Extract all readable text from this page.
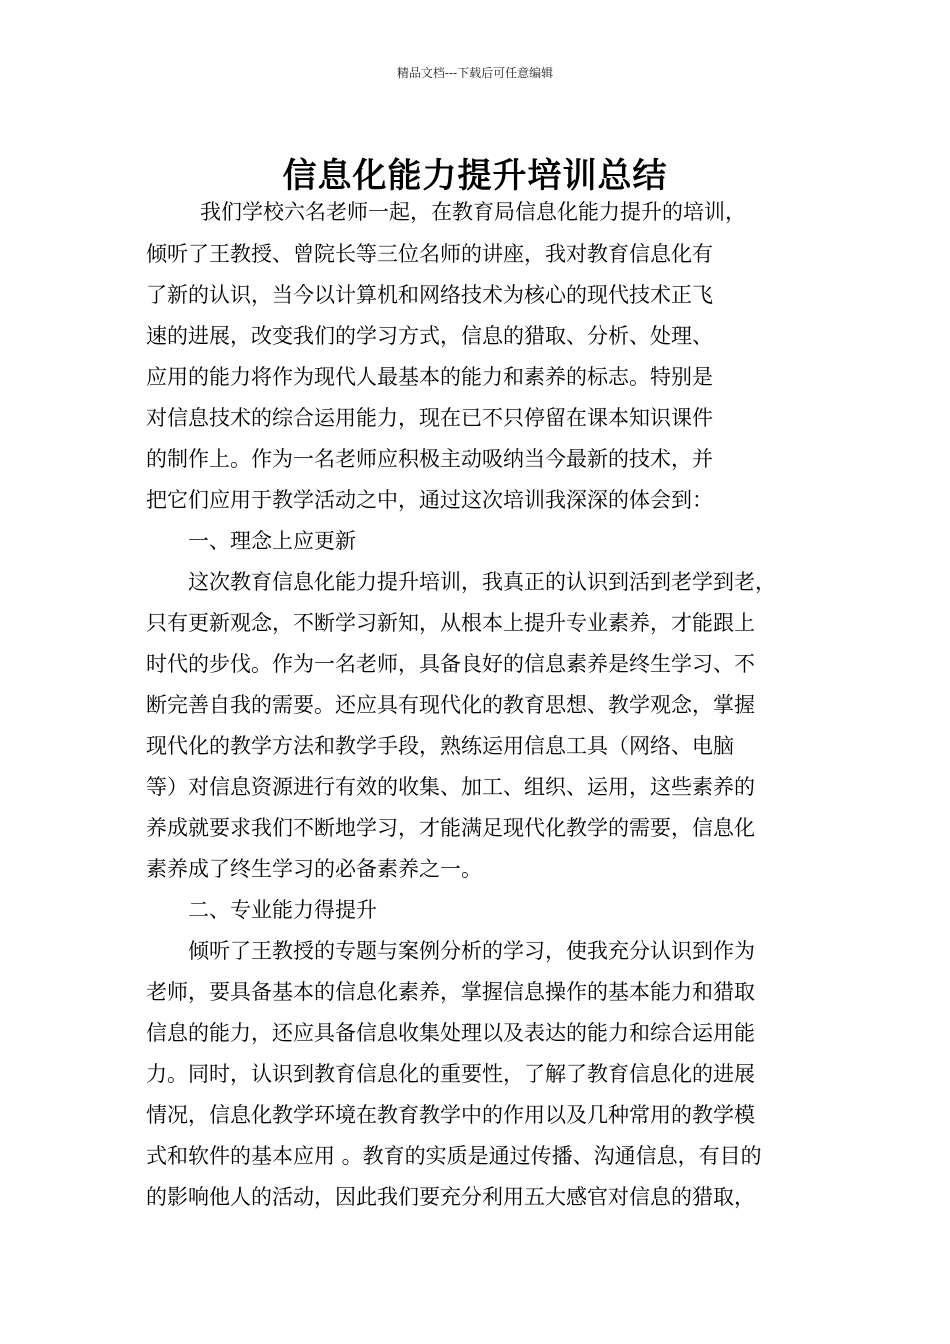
精品文档---下载后可任意编辑
信息化能力提升培训总结
我们学校六名老师一起，在教育局信息化能力提升的培训，
倾听了王教授、曾院长等三位名师的讲座，我对教育信息化有
了新的认识，当今以计算机和网络技术为核心的现代技术正飞
速的进展，改变我们的学习方式，信息的猎取、分析、处理、
应用的能力将作为现代人最基本的能力和素养的标志。特别是
对信息技术的综合运用能力，现在已不只停留在课本知识课件
的制作上。作为一名老师应积极主动吸纳当今最新的技术，并
把它们应用于教学活动之中，通过这次培训我深深的体会到：
一、理念上应更新
这次教育信息化能力提升培训，我真正的认识到活到老学到老，
只有更新观念，不断学习新知，从根本上提升专业素养，才能跟上
时代的步伐。作为一名老师，具备良好的信息素养是终生学习、不
断完善自我的需要。还应具有现代化的教育思想、教学观念，掌握
现代化的教学方法和教学手段，熟练运用信息工具（网络、电脑
等）对信息资源进行有效的收集、加工、组织、运用，这些素养的
养成就要求我们不断地学习，才能满足现代化教学的需要，信息化
素养成了终生学习的必备素养之一。
二、专业能力得提升
倾听了王教授的专题与案例分析的学习，使我充分认识到作为
老师，要具备基本的信息化素养，掌握信息操作的基本能力和猎取
信息的能力，还应具备信息收集处理以及表达的能力和综合运用能
力。同时，认识到教育信息化的重要性，了解了教育信息化的进展
情况，信息化教学环境在教育教学中的作用以及几种常用的教学模
式和软件的基本应用 。教育的实质是通过传播、沟通信息，有目的
的影响他人的活动，因此我们要充分利用五大感官对信息的猎取，
